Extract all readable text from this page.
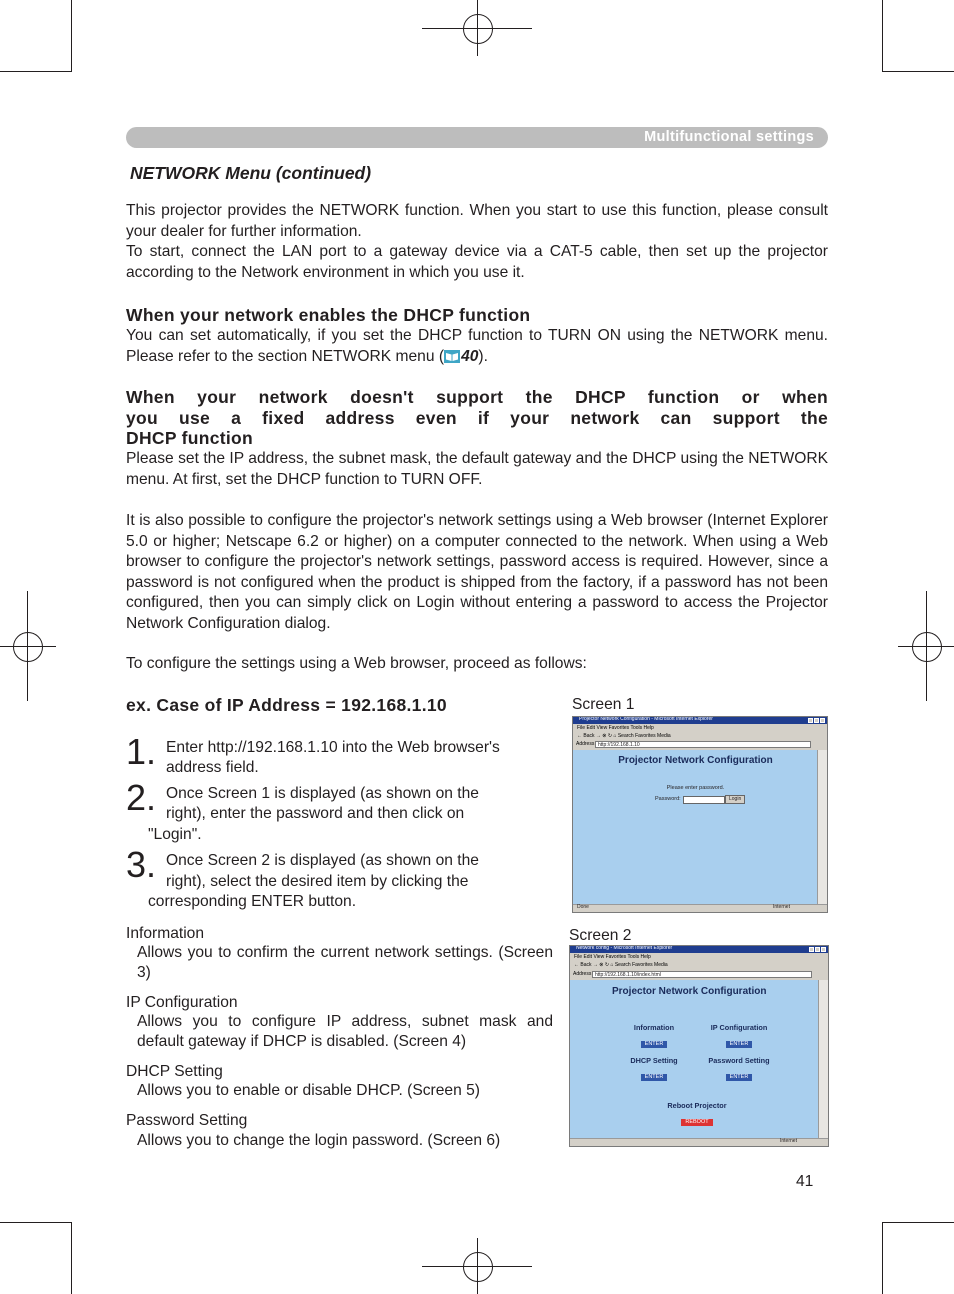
Multifunctional settings
NETWORK Menu (continued)
This projector provides the NETWORK function. When you start to use this function, please consult your dealer for further information.
To start, connect the LAN port to a gateway device via a CAT-5 cable, then set up the projector according to the Network environment in which you use it.
When your network enables the DHCP function
You can set automatically, if you set the DHCP function to TURN ON using the NETWORK menu. Please refer to the section NETWORK menu ( 40).
When your network doesn't support the DHCP function or when
you use a fixed address even if your network can support the
DHCP function
Please set the IP address, the subnet mask, the default gateway and the DHCP using the NETWORK menu. At first, set the DHCP function to TURN OFF.
It is also possible to configure the projector's network settings using a Web browser (Internet Explorer 5.0 or higher; Netscape 6.2 or higher) on a computer connected to the network. When using a Web browser to configure the projector's network settings, password access is required. However, since a password is not configured when the product is shipped from the factory, if a password has not been configured, then you can simply click on Login without entering a password to access the Projector Network Configuration dialog.
To configure the settings using a Web browser, proceed as follows:
ex. Case of IP Address = 192.168.1.10
1. Enter http://192.168.1.10 into the Web browser's
address field.
2. Once Screen 1 is displayed (as shown on the
right), enter the password and then click on
"Login".
3. Once Screen 2 is displayed (as shown on the
right), select the desired item by clicking the
corresponding ENTER button.
Information
Allows you to confirm the current network settings. (Screen 3)
IP Configuration
Allows you to configure IP address, subnet mask and default gateway if DHCP is disabled. (Screen 4)
DHCP Setting
Allows you to enable or disable DHCP. (Screen 5)
Password Setting
Allows you to change the login password. (Screen 6)
Screen 1
Projector Network Configuration - Microsoft Internet Explorer
File Edit View Favorites Tools Help
← Back → ⊗ ↻ ⌂ Search Favorites Media
Address http://192.168.1.10
Projector Network Configuration
Please enter password.
Password:	Login
Done	Internet
Screen 2
Network config - Microsoft Internet Explorer
File Edit View Favorites Tools Help
← Back → ⊗ ↻ ⌂ Search Favorites Media
Address http://192.168.1.10/index.html
Projector Network Configuration
Information
ENTER
IP Configuration
ENTER
DHCP Setting
ENTER
Password Setting
ENTER
Reboot Projector
REBOOT
Internet
41
